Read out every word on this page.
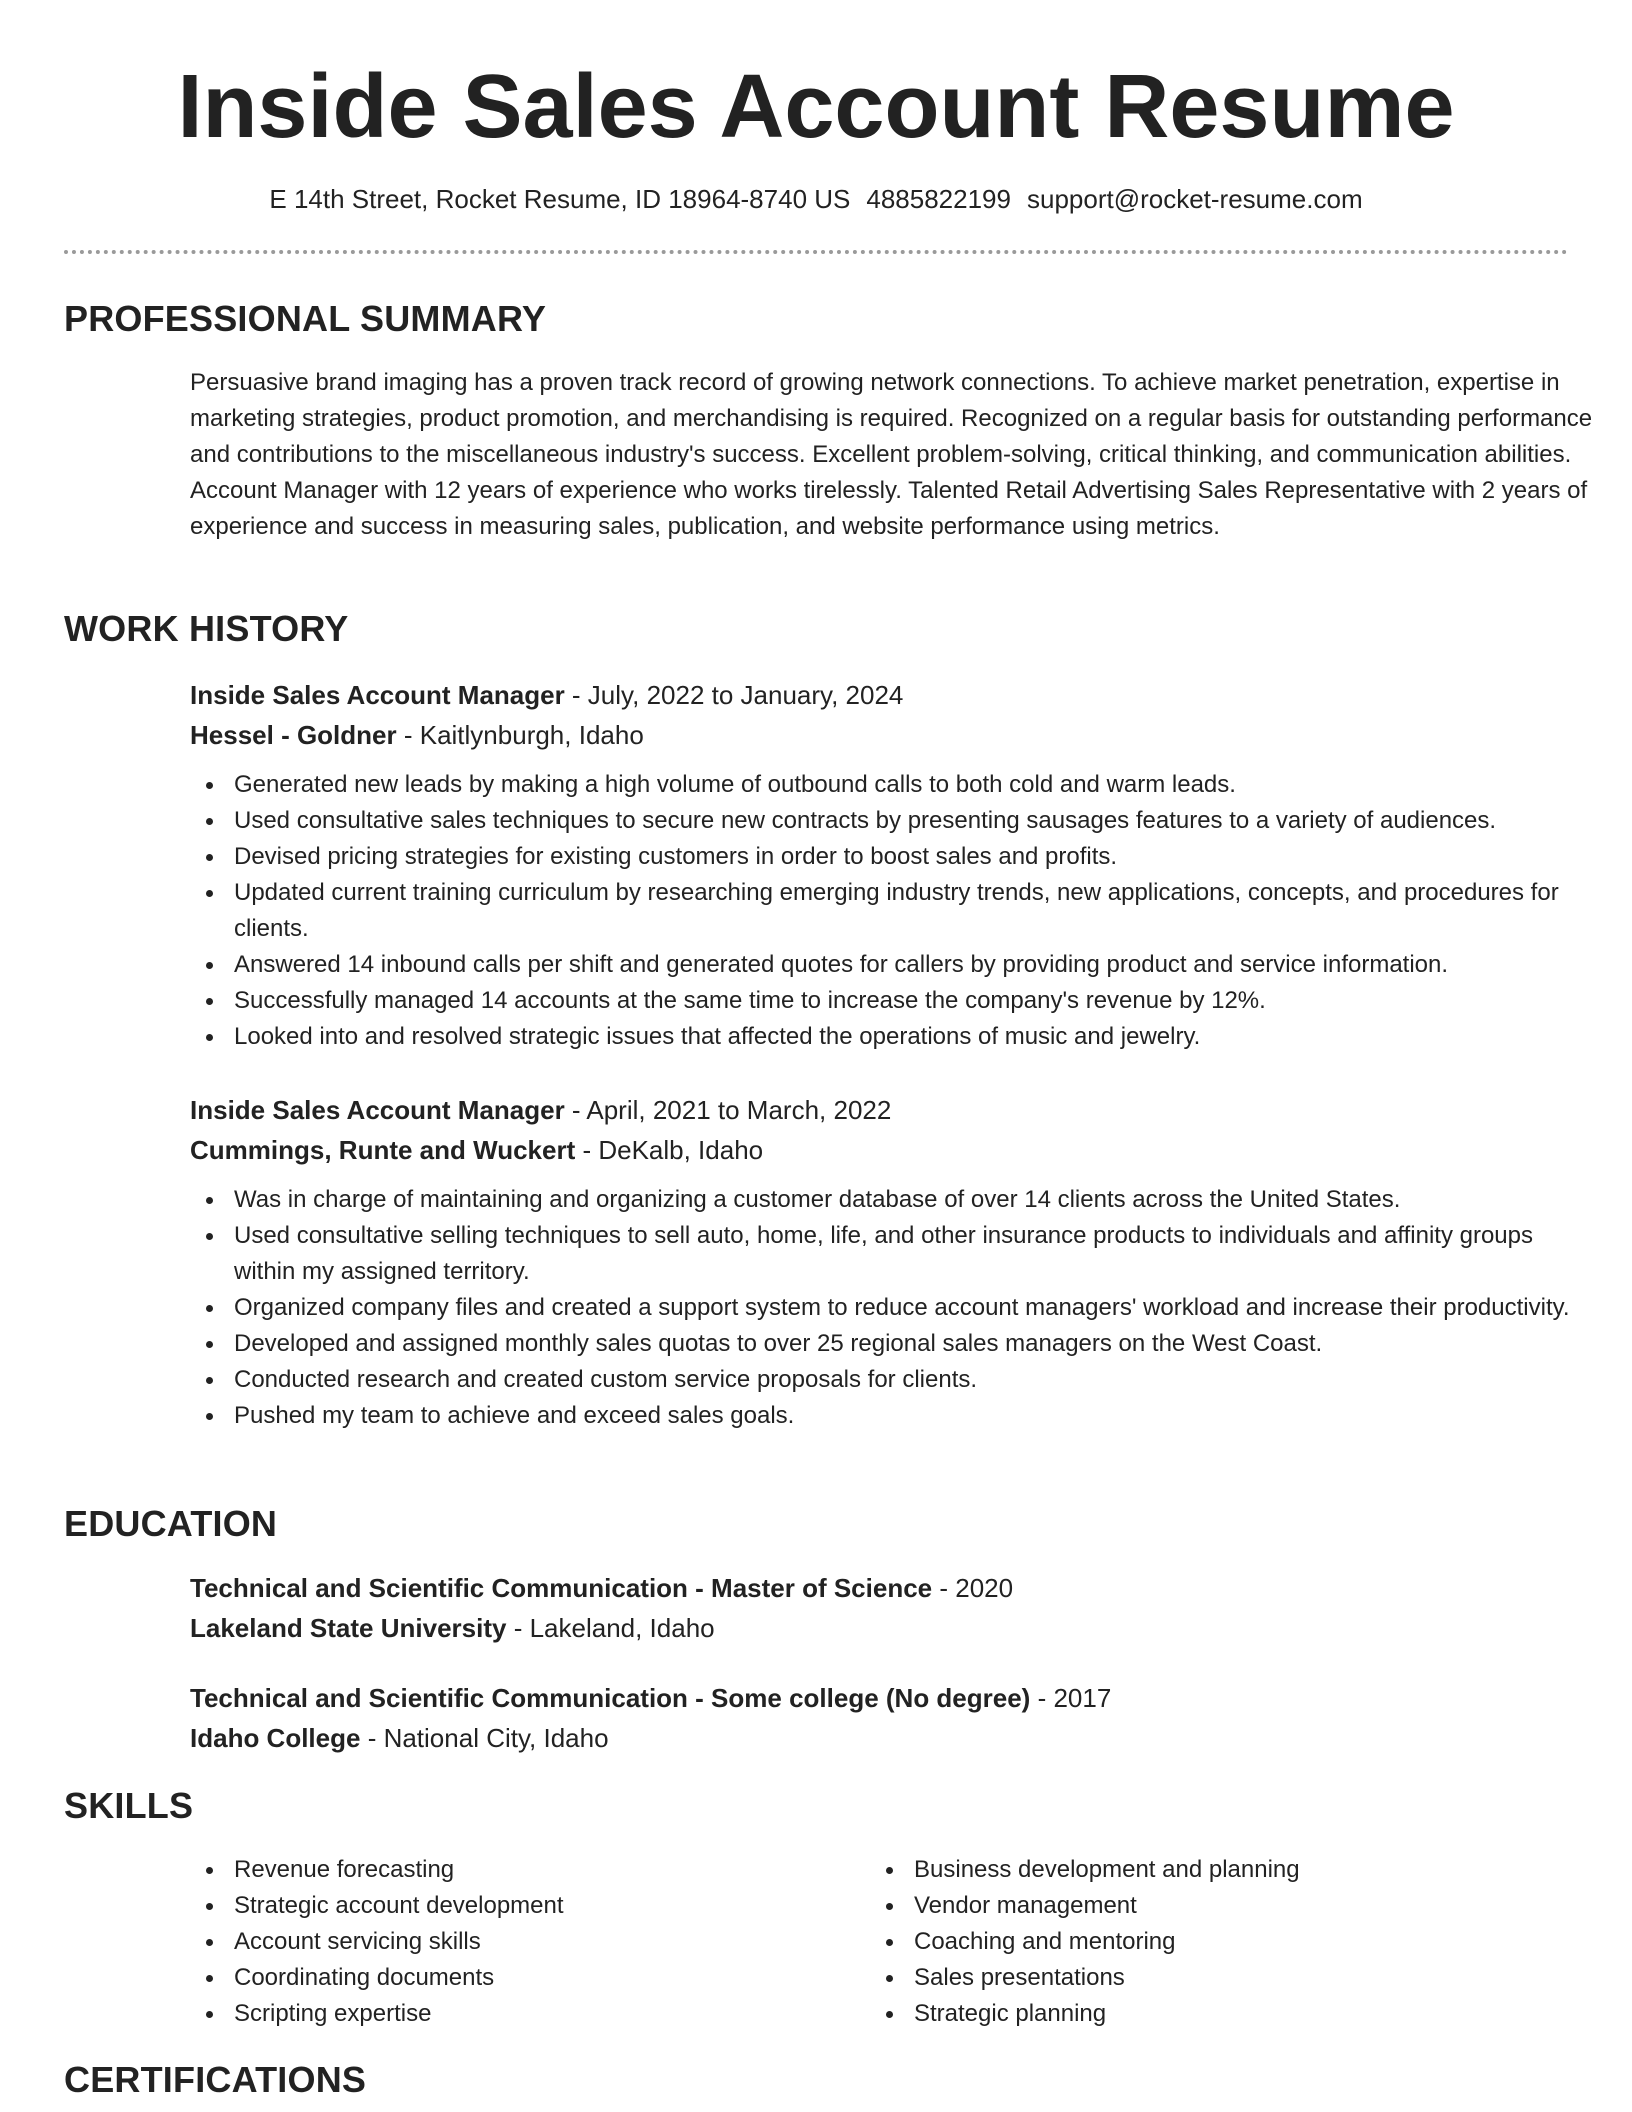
Inside Sales Account Resume
E 14th Street, Rocket Resume, ID 18964-8740 US 4885822199 support@rocket-resume.com
PROFESSIONAL SUMMARY

Persuasive brand imaging has a proven track record of growing network connections. To achieve market penetration, expertise in marketing strategies, product promotion, and merchandising is required. Recognized on a regular basis for outstanding performance and contributions to the miscellaneous industry's success. Excellent problem-solving, critical thinking, and communication abilities. Account Manager with 12 years of experience who works tirelessly. Talented Retail Advertising Sales Representative with 2 years of experience and success in measuring sales, publication, and website performance using metrics.

WORK HISTORY

Inside Sales Account Manager - July, 2022 to January, 2024

Hessel - Goldner - Kaitlynburgh, Idaho

Generated new leads by making a high volume of outbound calls to both cold and warm leads.
Used consultative sales techniques to secure new contracts by presenting sausages features to a variety of audiences.
Devised pricing strategies for existing customers in order to boost sales and profits.
Updated current training curriculum by researching emerging industry trends, new applications, concepts, and procedures for clients.
Answered 14 inbound calls per shift and generated quotes for callers by providing product and service information.
Successfully managed 14 accounts at the same time to increase the company's revenue by 12%.
Looked into and resolved strategic issues that affected the operations of music and jewelry.

Inside Sales Account Manager - April, 2021 to March, 2022

Cummings, Runte and Wuckert - DeKalb, Idaho

Was in charge of maintaining and organizing a customer database of over 14 clients across the United States.
Used consultative selling techniques to sell auto, home, life, and other insurance products to individuals and affinity groups within my assigned territory.
Organized company files and created a support system to reduce account managers' workload and increase their productivity.
Developed and assigned monthly sales quotas to over 25 regional sales managers on the West Coast.
Conducted research and created custom service proposals for clients.
Pushed my team to achieve and exceed sales goals.
EDUCATION

Technical and Scientific Communication - Master of Science - 2020

Lakeland State University - Lakeland, Idaho

Technical and Scientific Communication - Some college (No degree) - 2017

Idaho College - National City, Idaho

SKILLS
Revenue forecasting
Strategic account development
Account servicing skills
Coordinating documents
Scripting expertise
Business development and planning
Vendor management
Coaching and mentoring
Sales presentations
Strategic planning
CERTIFICATIONS
